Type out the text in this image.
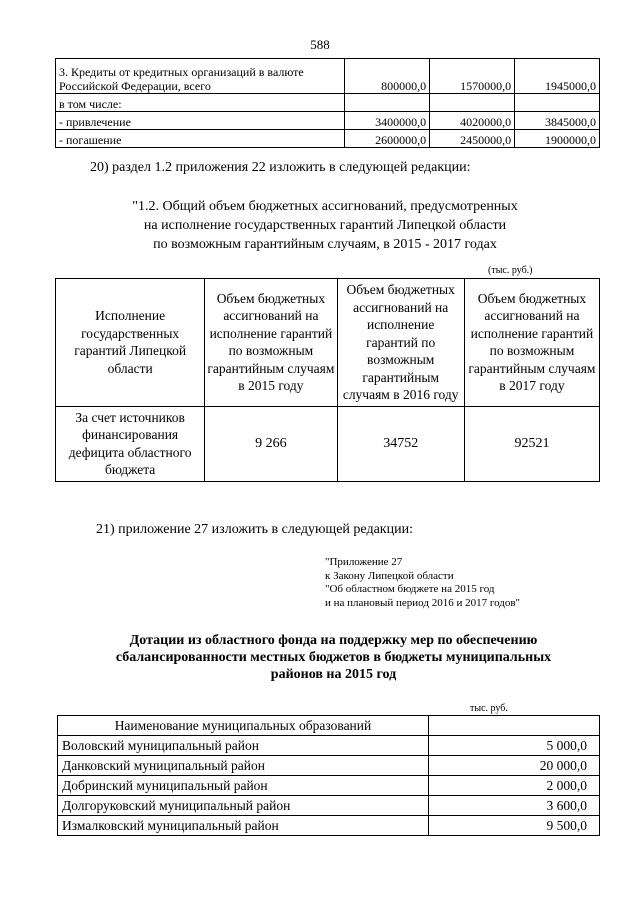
588
3. Кредиты от кредитных организаций в валюте Российской Федерации, всего	800000,0	1570000,0	1945000,0
в том числе:			
- привлечение	3400000,0	4020000,0	3845000,0
- погашение	2600000,0	2450000,0	1900000,0
20) раздел 1.2 приложения 22 изложить в следующей редакции:
"1.2. Общий объем бюджетных ассигнований, предусмотренных
на исполнение государственных гарантий Липецкой области
по возможным гарантийным случаям, в 2015 - 2017 годах
(тыс. руб.)
Исполнение государственных гарантий Липецкой области	Объем бюджетных ассигнований на исполнение гарантий по возможным гарантийным случаям в 2015 году	Объем бюджетных ассигнований на исполнение гарантий по возможным гарантийным случаям в 2016 году	Объем бюджетных ассигнований на исполнение гарантий по возможным гарантийным случаям в 2017 году
За счет источников финансирования дефицита областного бюджета	9 266	34752	92521
21) приложение 27 изложить в следующей редакции:
"Приложение 27
к Закону Липецкой области
"Об областном бюджете на 2015 год
и на плановый период 2016 и 2017 годов"
Дотации из областного фонда на поддержку мер по обеспечению
сбалансированности местных бюджетов в бюджеты муниципальных
районов на 2015 год
тыс. руб.
Наименование муниципальных образований	
Воловский муниципальный район	5 000,0
Данковский муниципальный район	20 000,0
Добринский муниципальный район	2 000,0
Долгоруковский муниципальный район	3 600,0
Измалковский муниципальный район	9 500,0
